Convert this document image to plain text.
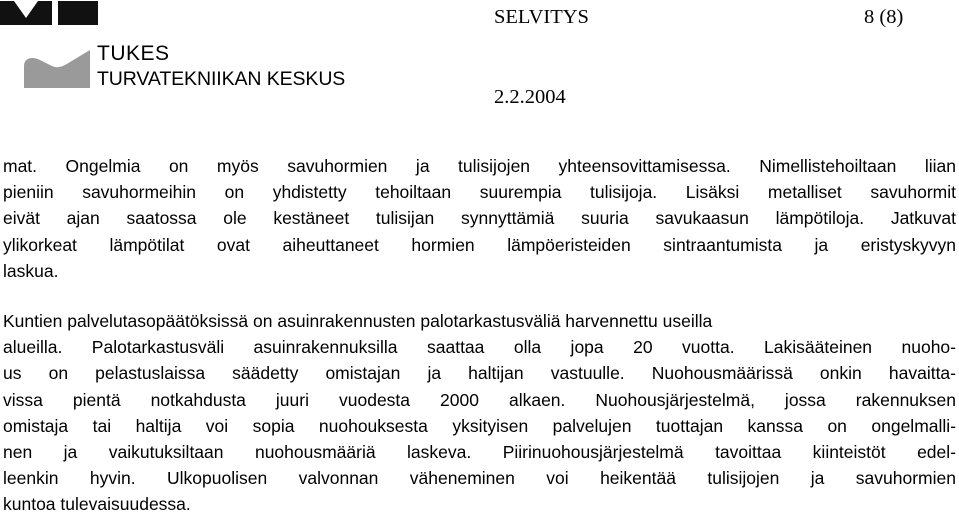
TUKES
TURVATEKNIIKAN KESKUS
SELVITYS	8 (8)
2.2.2004
mat. Ongelmia on myös savuhormien ja tulisijojen yhteensovittamisessa. Nimellistehoiltaan liian
pieniin savuhormeihin on yhdistetty tehoiltaan suurempia tulisijoja. Lisäksi metalliset savuhormit
eivät ajan saatossa ole kestäneet tulisijan synnyttämiä suuria savukaasun lämpötiloja. Jatkuvat
ylikorkeat lämpötilat ovat aiheuttaneet hormien lämpöeristeiden sintraantumista ja eristyskyvyn
laskua.
Kuntien palvelutasopäätöksissä on asuinrakennusten palotarkastusväliä harvennettu useilla
alueilla. Palotarkastusväli asuinrakennuksilla saattaa olla jopa 20 vuotta. Lakisääteinen nuoho-
us on pelastuslaissa säädetty omistajan ja haltijan vastuulle. Nuohousmäärissä onkin havaitta-
vissa pientä notkahdusta juuri vuodesta 2000 alkaen. Nuohousjärjestelmä, jossa rakennuksen
omistaja tai haltija voi sopia nuohouksesta yksityisen palvelujen tuottajan kanssa on ongelmalli-
nen ja vaikutuksiltaan nuohousmääriä laskeva. Piirinuohousjärjestelmä tavoittaa kiinteistöt edel-
leenkin hyvin. Ulkopuolisen valvonnan väheneminen voi heikentää tulisijojen ja savuhormien
kuntoa tulevaisuudessa.
